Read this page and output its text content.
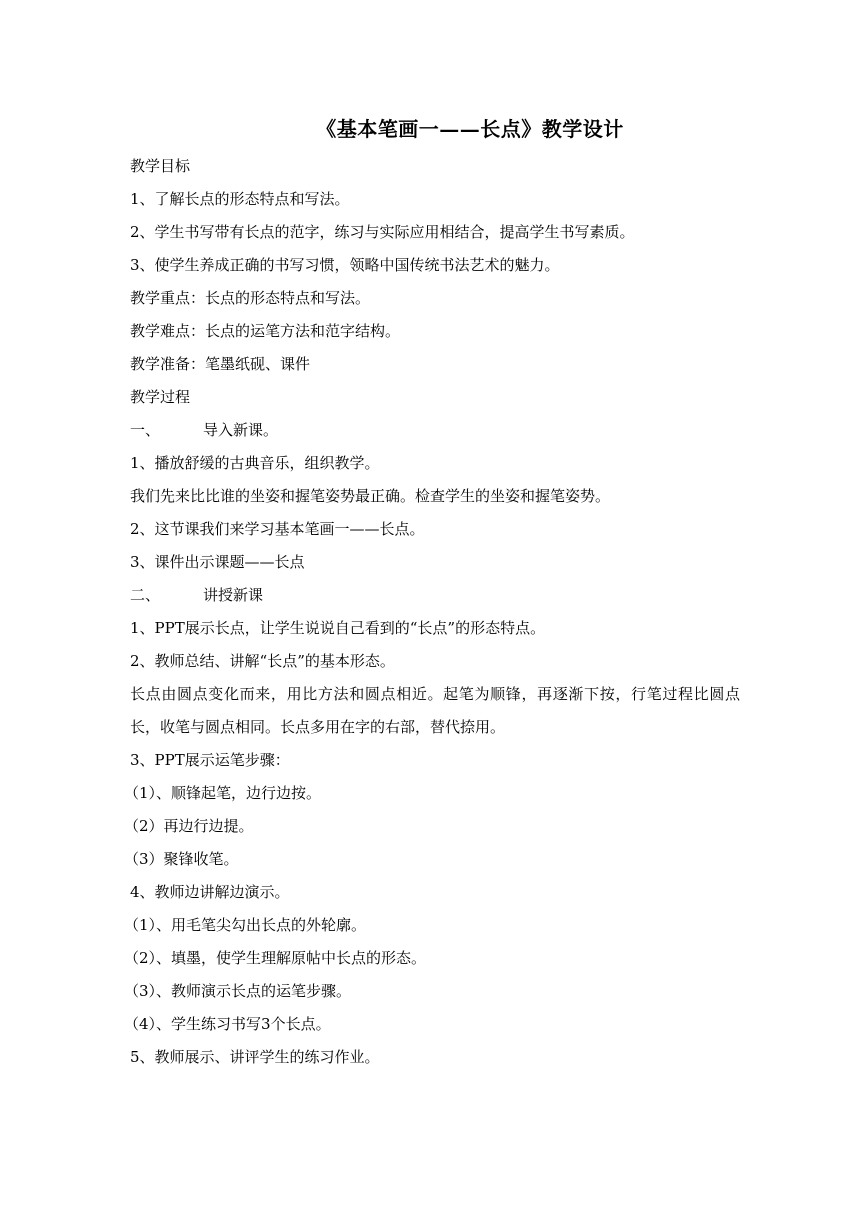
《基本笔画一——长点》教学设计
教学目标
1、了解长点的形态特点和写法。
2、学生书写带有长点的范字，练习与实际应用相结合，提高学生书写素质。
3、使学生养成正确的书写习惯，领略中国传统书法艺术的魅力。
教学重点：长点的形态特点和写法。
教学难点：长点的运笔方法和范字结构。
教学准备：笔墨纸砚、课件
教学过程
一、	导入新课。
1、播放舒缓的古典音乐，组织教学。
我们先来比比谁的坐姿和握笔姿势最正确。检查学生的坐姿和握笔姿势。
2、这节课我们来学习基本笔画一——长点。
3、课件出示课题——长点
二、	讲授新课
1、PPT展示长点，让学生说说自己看到的“长点”的形态特点。
2、教师总结、讲解“长点”的基本形态。
长点由圆点变化而来，用比方法和圆点相近。起笔为顺锋，再逐渐下按，行笔过程比圆点长，收笔与圆点相同。长点多用在字的右部，替代捺用。
3、PPT展示运笔步骤：
（1）、顺锋起笔，边行边按。
（2）再边行边提。
（3）聚锋收笔。
4、教师边讲解边演示。
（1）、用毛笔尖勾出长点的外轮廓。
（2）、填墨，使学生理解原帖中长点的形态。
（3）、教师演示长点的运笔步骤。
（4）、学生练习书写3个长点。
5、教师展示、讲评学生的练习作业。
